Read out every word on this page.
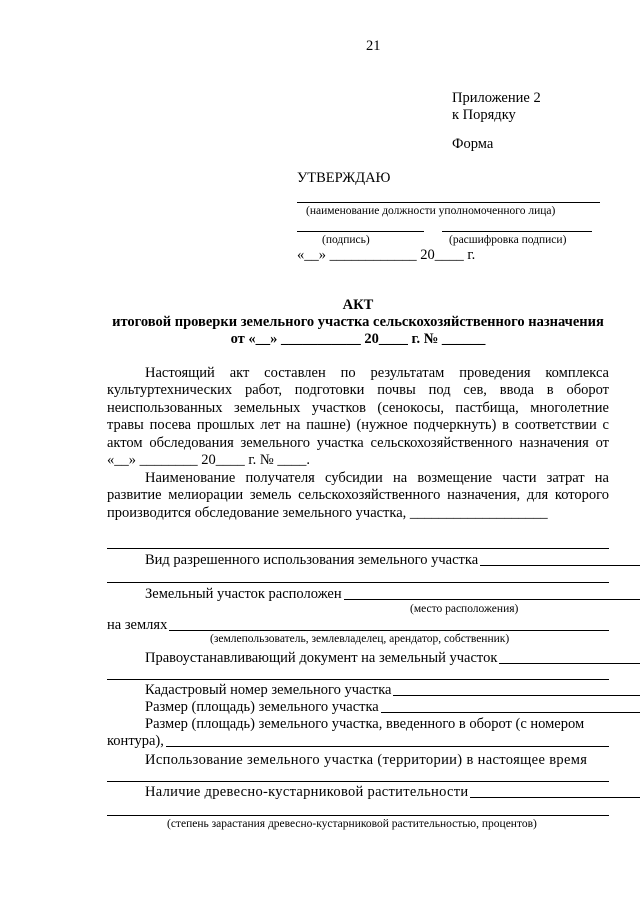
21
Приложение 2
к Порядку
Форма
УТВЕРЖДАЮ
(наименование должности уполномоченного лица)
(подпись)	(расшифровка подписи)
«__» ____________ 20____ г.
АКТ
итоговой проверки земельного участка сельскохозяйственного назначения
от «__» ___________ 20____ г. № ______
Настоящий акт составлен по результатам проведения комплекса культуртехнических работ, подготовки почвы под сев, ввода в оборот неиспользованных земельных участков (сенокосы, пастбища, многолетние травы посева прошлых лет на пашне) (нужное подчеркнуть) в соответствии с актом обследования земельного участка сельскохозяйственного назначения от «__» ________ 20____ г. № ____.
Наименование получателя субсидии на возмещение части затрат на развитие мелиорации земель сельскохозяйственного назначения, для которого производится обследование земельного участка, ___________________
Вид разрешенного использования земельного участка
Земельный участок расположен
(место расположения)
на землях
(землепользователь, землевладелец, арендатор, собственник)
Правоустанавливающий документ на земельный участок
Кадастровый номер земельного участка
Размер (площадь) земельного участка
Размер (площадь) земельного участка, введенного в оборот (с номером
контура),
Использование земельного участка (территории) в настоящее время
Наличие древесно-кустарниковой растительности
(степень зарастания древесно-кустарниковой растительностью, процентов)
